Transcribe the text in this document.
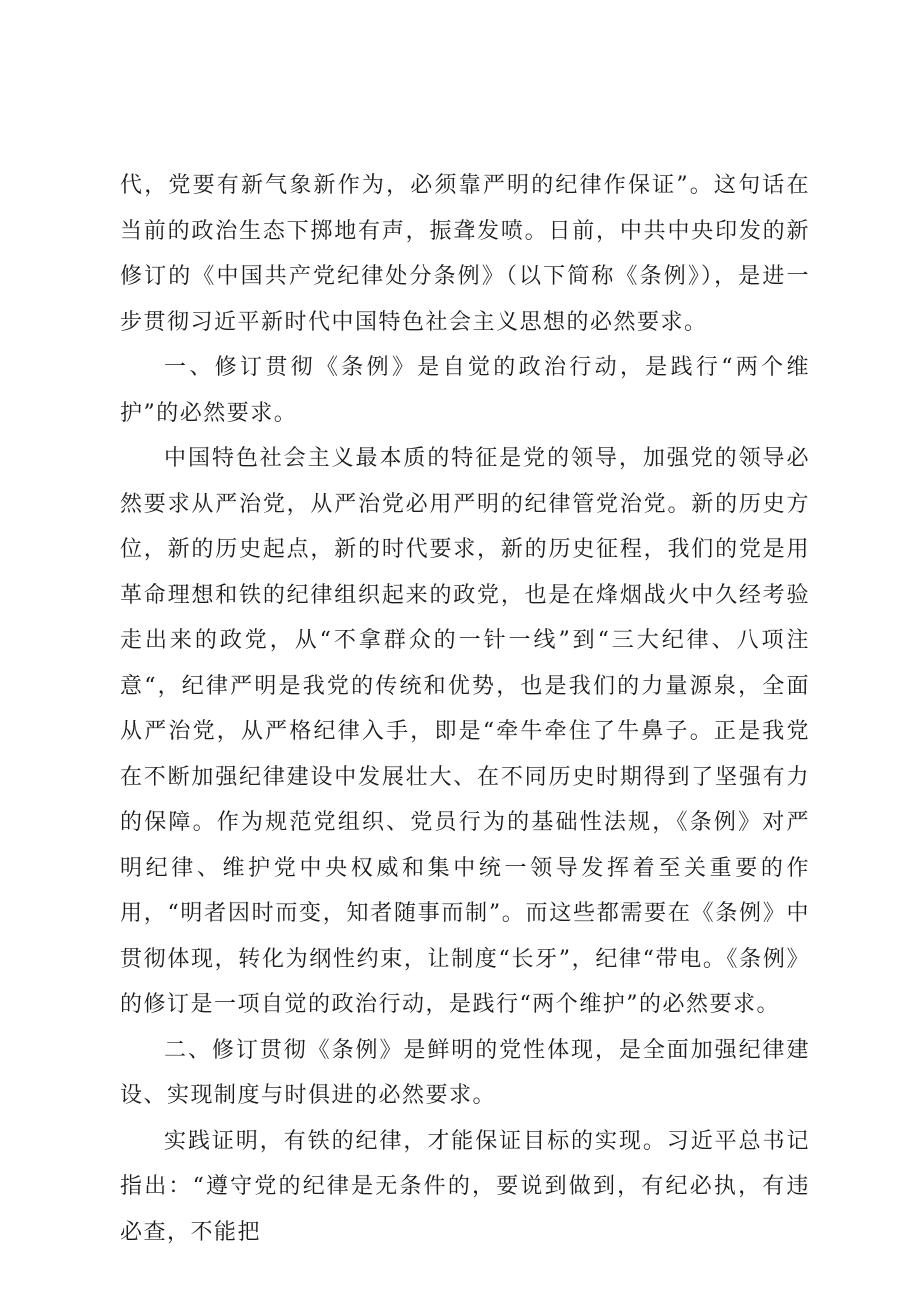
代，党要有新气象新作为，必须靠严明的纪律作保证”。这句话在当前的政治生态下掷地有声，振聋发喷。日前，中共中央印发的新修订的《中国共产党纪律处分条例》（以下简称《条例》），是进一步贯彻习近平新时代中国特色社会主义思想的必然要求。

一、修订贯彻《条例》是自觉的政治行动，是践行“两个维护”的必然要求。

中国特色社会主义最本质的特征是党的领导，加强党的领导必然要求从严治党，从严治党必用严明的纪律管党治党。新的历史方位，新的历史起点，新的时代要求，新的历史征程，我们的党是用革命理想和铁的纪律组织起来的政党，也是在烽烟战火中久经考验走出来的政党，从“不拿群众的一针一线”到“三大纪律、八项注意“，纪律严明是我党的传统和优势，也是我们的力量源泉，全面从严治党，从严格纪律入手，即是“牵牛牵住了牛鼻子。正是我党在不断加强纪律建设中发展壮大、在不同历史时期得到了坚强有力的保障。作为规范党组织、党员行为的基础性法规，《条例》对严明纪律、维护党中央权威和集中统一领导发挥着至关重要的作用，“明者因时而变，知者随事而制”。而这些都需要在《条例》中贯彻体现，转化为纲性约束，让制度“长牙”，纪律“带电。《条例》的修订是一项自觉的政治行动，是践行“两个维护”的必然要求。

二、修订贯彻《条例》是鲜明的党性体现，是全面加强纪律建设、实现制度与时俱进的必然要求。

实践证明，有铁的纪律，才能保证目标的实现。习近平总书记指出：“遵守党的纪律是无条件的，要说到做到，有纪必执，有违必查，不能把
